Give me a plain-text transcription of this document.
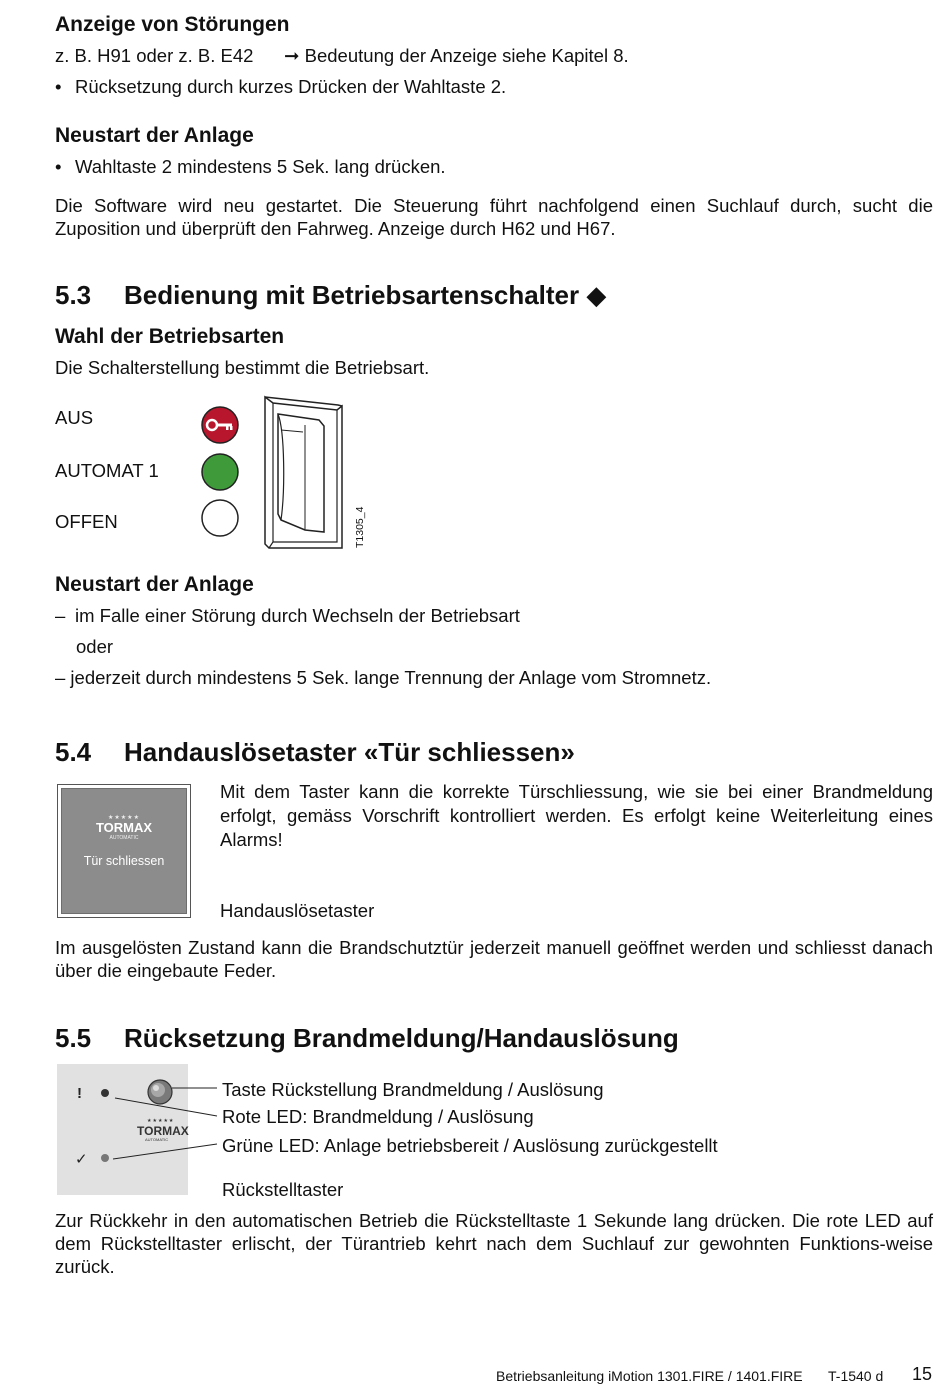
Anzeige von Störungen
z. B. H91 oder z. B. E42 ➞ Bedeutung der Anzeige siehe Kapitel 8.
• Rücksetzung durch kurzes Drücken der Wahltaste 2.
Neustart der Anlage
• Wahltaste 2 mindestens 5 Sek. lang drücken.
Die Software wird neu gestartet. Die Steuerung führt nachfolgend einen Suchlauf durch, sucht die Zuposition und überprüft den Fahrweg. Anzeige durch H62 und H67.
5.3 Bedienung mit Betriebsartenschalter ◆
Wahl der Betriebsarten
Die Schalterstellung bestimmt die Betriebsart.
AUS
AUTOMAT 1
OFFEN	T1305_4
Neustart der Anlage
– im Falle einer Störung durch Wechseln der Betriebsart
oder
– jederzeit durch mindestens 5 Sek. lange Trennung der Anlage vom Stromnetz.
5.4 Handauslösetaster «Tür schliessen»
★★★★★
TORMAX
AUTOMATIC
Tür schliessen
Mit dem Taster kann die korrekte Türschliessung, wie sie bei einer Brandmeldung erfolgt, gemäss Vorschrift kontrolliert werden. Es erfolgt keine Weiterleitung eines Alarms!
Handauslösetaster
Im ausgelösten Zustand kann die Brandschutztür jederzeit manuell geöffnet werden und schliesst danach über die eingebaute Feder.
5.5 Rücksetzung Brandmeldung/Handauslösung
★★★★★
TORMAX
AUTOMATIC
!
✓
Taste Rückstellung Brandmeldung / Auslösung
Rote LED: Brandmeldung / Auslösung
Grüne LED: Anlage betriebsbereit / Auslösung zurückgestellt
Rückstelltaster
Zur Rückkehr in den automatischen Betrieb die Rückstelltaste 1 Sekunde lang drücken. Die rote LED auf dem Rückstelltaster erlischt, der Türantrieb kehrt nach dem Suchlauf zur gewohnten Funktions-weise zurück.
Betriebsanleitung iMotion 1301.FIRE / 1401.FIRE T-1540 d 15
